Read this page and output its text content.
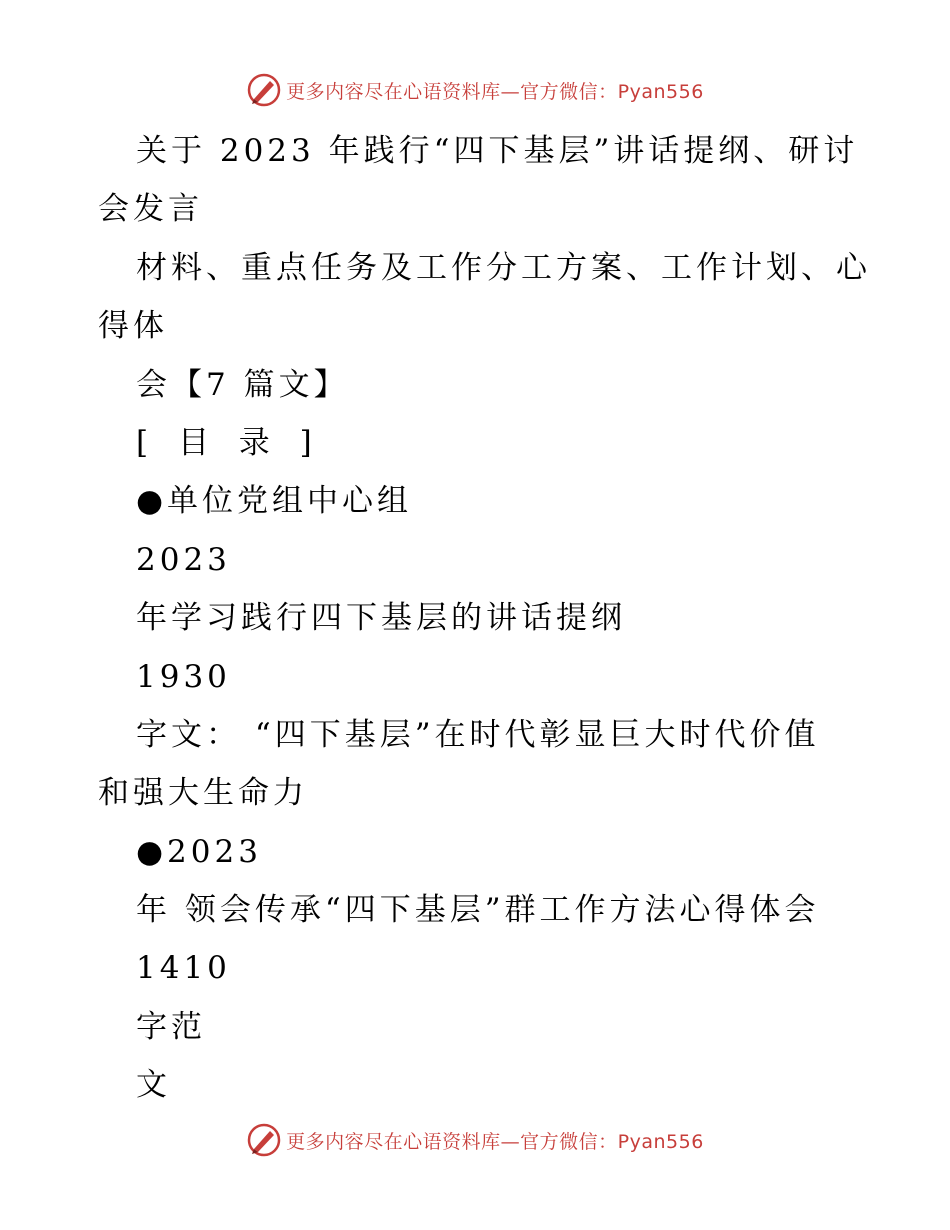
更多内容尽在心语资料库—官方微信：Pyan556
关于 2023 年践行“四下基层”讲话提纲、研讨
会发言
材料、重点任务及工作分工方案、工作计划、心
得体
会【7 篇文】
[ 目 录 ]
●单位党组中心组
2023
年学习践行四下基层的讲话提纲
1930
字文： “四下基层”在时代彰显巨大时代价值
和强大生命力
●2023
年 领会传承“四下基层”群工作方法心得体会
1410
字范
文
更多内容尽在心语资料库—官方微信：Pyan556
